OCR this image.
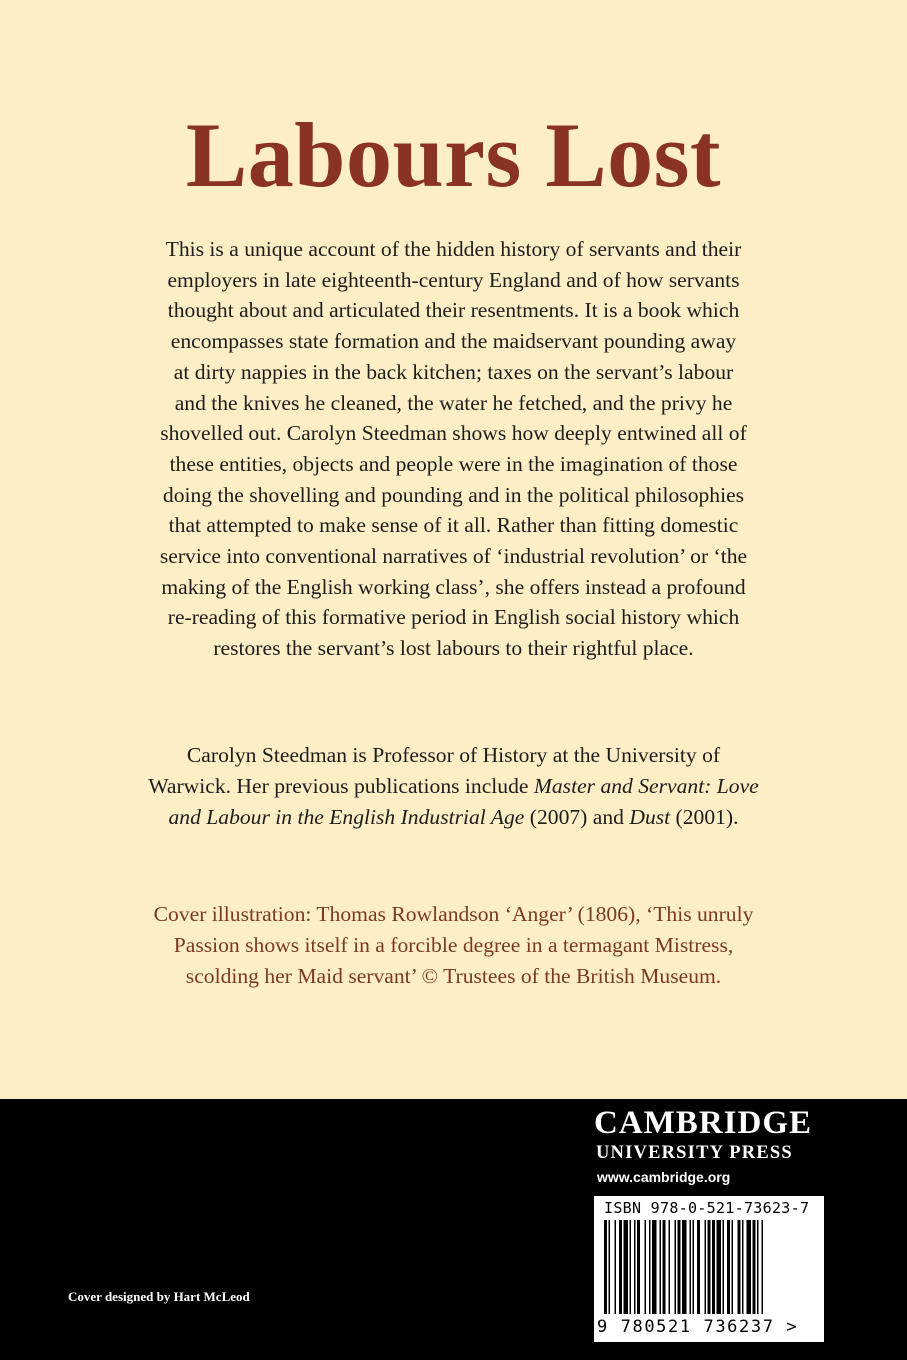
Labours Lost
This is a unique account of the hidden history of servants and their
employers in late eighteenth-century England and of how servants
thought about and articulated their resentments. It is a book which
encompasses state formation and the maidservant pounding away
at dirty nappies in the back kitchen; taxes on the servant’s labour
and the knives he cleaned, the water he fetched, and the privy he
shovelled out. Carolyn Steedman shows how deeply entwined all of
these entities, objects and people were in the imagination of those
doing the shovelling and pounding and in the political philosophies
that attempted to make sense of it all. Rather than fitting domestic
service into conventional narratives of ‘industrial revolution’ or ‘the
making of the English working class’, she offers instead a profound
re-reading of this formative period in English social history which
restores the servant’s lost labours to their rightful place.
Carolyn Steedman is Professor of History at the University of
Warwick. Her previous publications include Master and Servant: Love
and Labour in the English Industrial Age (2007) and Dust (2001).
Cover illustration: Thomas Rowlandson ‘Anger’ (1806), ‘This unruly
Passion shows itself in a forcible degree in a termagant Mistress,
scolding her Maid servant’ © Trustees of the British Museum.
CAMBRIDGE
UNIVERSITY PRESS
www.cambridge.org
ISBN 978-0-521-73623-7
9 780521 736237 >
Cover designed by Hart McLeod
